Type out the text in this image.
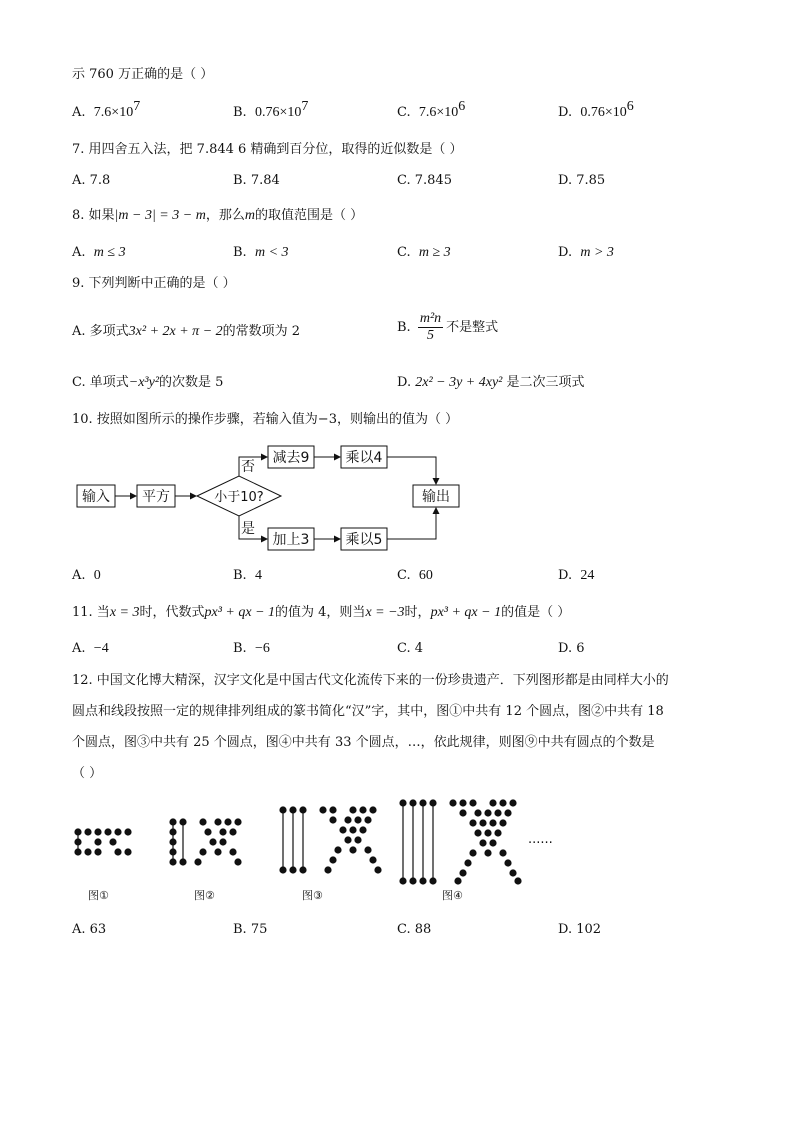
示 760 万正确的是（ ）
A. $7.6\times 10^7$	B. $0.76\times 10^7$	C. $7.6\times 10^6$	D. $0.76\times 10^6$
7. 用四舍五入法，把 7.844 6 精确到百分位，取得的近似数是（ ）
A. 7.8	B. 7.84	C. 7.845	D. 7.85
8. 如果|m − 3| = 3 − m，那么m的取值范围是（ ）
A. m ≤ 3	B. m < 3	C. m ≥ 3	D. m > 3
9. 下列判断中正确的是（ ）
A. 多项式3x² + 2x + π − 2的常数项为 2	B. $\frac{\text{m²n}}{5}$ 不是整式
C. 单项式−x³y²的次数是 5	D. 2x² − 3y + 4xy² 是二次三项式
10. 按照如图所示的操作步骤，若输入值为−3，则输出的值为（ ）
输入 平方	小于10?
减去9	乘以4
加上3	乘以5
输出
否
是
A. 0	B. 4	C. 60	D. 24
11. 当x = 3时，代数式px³ + qx − 1的值为 4，则当x = −3时，px³ + qx − 1的值是（ ）
A. −4	B. −6	C. 4	D. 6
12. 中国文化博大精深，汉字文化是中国古代文化流传下来的一份珍贵遗产．下列图形都是由同样大小的
圆点和线段按照一定的规律排列组成的篆书简化“汉”字，其中，图①中共有 12 个圆点，图②中共有 18
个圆点，图③中共有 25 个圆点，图④中共有 33 个圆点，…，依此规律，则图⑨中共有圆点的个数是
（ ）
图①	图②	图③	图④
......
A. 63	B. 75	C. 88	D. 102
